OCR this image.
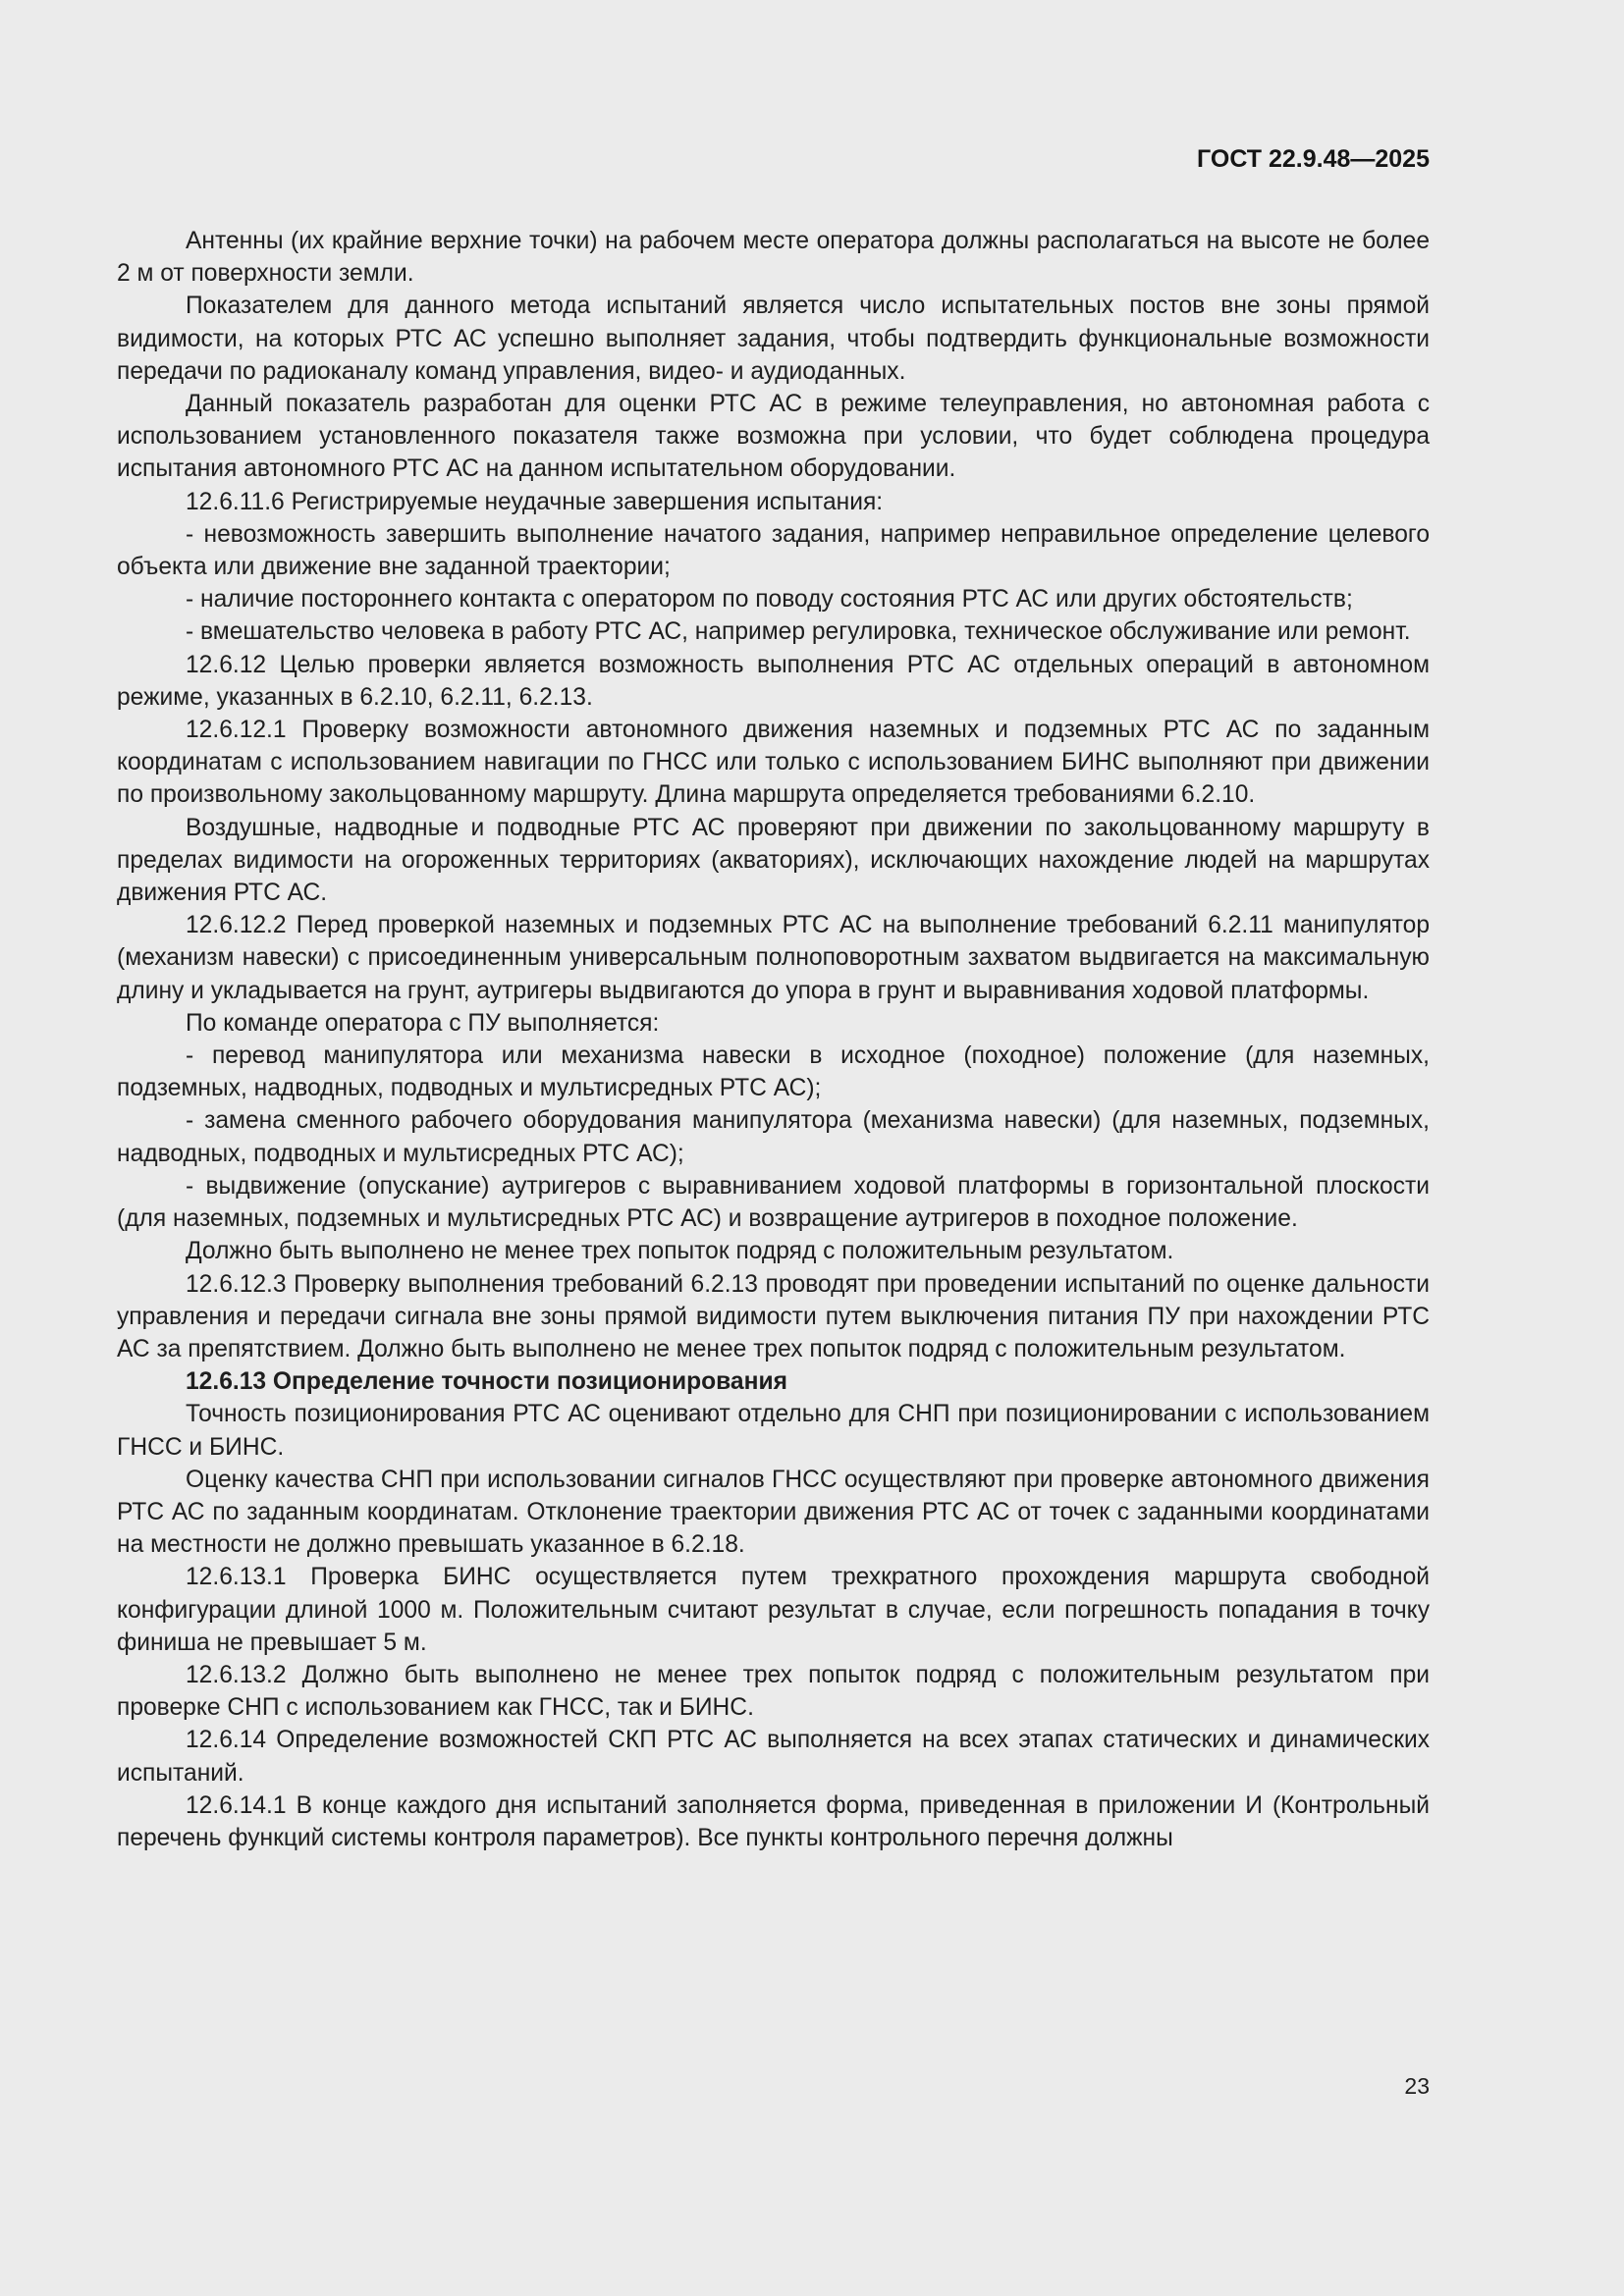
ГОСТ 22.9.48—2025

Антенны (их крайние верхние точки) на рабочем месте оператора должны располагаться на высоте не более 2 м от поверхности земли.

Показателем для данного метода испытаний является число испытательных постов вне зоны прямой видимости, на которых РТС АС успешно выполняет задания, чтобы подтвердить функциональные возможности передачи по радиоканалу команд управления, видео- и аудиоданных.

Данный показатель разработан для оценки РТС АС в режиме телеуправления, но автономная работа с использованием установленного показателя также возможна при условии, что будет соблюдена процедура испытания автономного РТС АС на данном испытательном оборудовании.

12.6.11.6 Регистрируемые неудачные завершения испытания:

- невозможность завершить выполнение начатого задания, например неправильное определение целевого объекта или движение вне заданной траектории;

- наличие постороннего контакта с оператором по поводу состояния РТС АС или других обстоятельств;

- вмешательство человека в работу РТС АС, например регулировка, техническое обслуживание или ремонт.

12.6.12 Целью проверки является возможность выполнения РТС АС отдельных операций в автономном режиме, указанных в 6.2.10, 6.2.11, 6.2.13.

12.6.12.1 Проверку возможности автономного движения наземных и подземных РТС АС по заданным координатам с использованием навигации по ГНСС или только с использованием БИНС выполняют при движении по произвольному закольцованному маршруту. Длина маршрута определяется требованиями 6.2.10.

Воздушные, надводные и подводные РТС АС проверяют при движении по закольцованному маршруту в пределах видимости на огороженных территориях (акваториях), исключающих нахождение людей на маршрутах движения РТС АС.

12.6.12.2 Перед проверкой наземных и подземных РТС АС на выполнение требований 6.2.11 манипулятор (механизм навески) с присоединенным универсальным полноповоротным захватом выдвигается на максимальную длину и укладывается на грунт, аутригеры выдвигаются до упора в грунт и выравнивания ходовой платформы.

По команде оператора с ПУ выполняется:

- перевод манипулятора или механизма навески в исходное (походное) положение (для наземных, подземных, надводных, подводных и мультисредных РТС АС);

- замена сменного рабочего оборудования манипулятора (механизма навески) (для наземных, подземных, надводных, подводных и мультисредных РТС АС);

- выдвижение (опускание) аутригеров с выравниванием ходовой платформы в горизонтальной плоскости (для наземных, подземных и мультисредных РТС АС) и возвращение аутригеров в походное положение.

Должно быть выполнено не менее трех попыток подряд с положительным результатом.

12.6.12.3 Проверку выполнения требований 6.2.13 проводят при проведении испытаний по оценке дальности управления и передачи сигнала вне зоны прямой видимости путем выключения питания ПУ при нахождении РТС АС за препятствием. Должно быть выполнено не менее трех попыток подряд с положительным результатом.

12.6.13 Определение точности позиционирования

Точность позиционирования РТС АС оценивают отдельно для СНП при позиционировании с использованием ГНСС и БИНС.

Оценку качества СНП при использовании сигналов ГНСС осуществляют при проверке автономного движения РТС АС по заданным координатам. Отклонение траектории движения РТС АС от точек с заданными координатами на местности не должно превышать указанное в 6.2.18.

12.6.13.1 Проверка БИНС осуществляется путем трехкратного прохождения маршрута свободной конфигурации длиной 1000 м. Положительным считают результат в случае, если погрешность попадания в точку финиша не превышает 5 м.

12.6.13.2 Должно быть выполнено не менее трех попыток подряд с положительным результатом при проверке СНП с использованием как ГНСС, так и БИНС.

12.6.14 Определение возможностей СКП РТС АС выполняется на всех этапах статических и динамических испытаний.

12.6.14.1 В конце каждого дня испытаний заполняется форма, приведенная в приложении И (Контрольный перечень функций системы контроля параметров). Все пункты контрольного перечня должны

23
